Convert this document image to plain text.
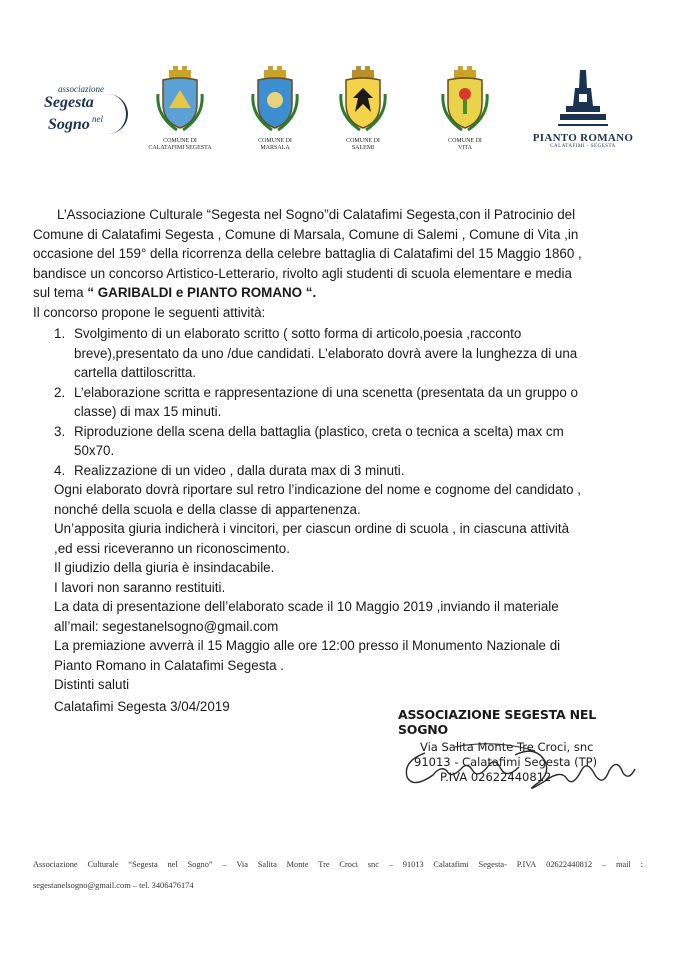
associazione
Segesta
nel
Sogno
COMUNE DI
CALATAFIMI SEGESTA
COMUNE DI
MARSALA
COMUNE DI
SALEMI
COMUNE DI
VITA
PIANTO ROMANO
CALATAFIMI - SEGESTA

L’Associazione Culturale “Segesta nel Sogno”di Calatafimi Segesta,con il Patrocinio del

Comune di Calatafimi Segesta , Comune di Marsala, Comune di Salemi , Comune di Vita ,in

occasione del 159° della ricorrenza della celebre battaglia di Calatafimi del 15 Maggio 1860 ,

bandisce un concorso Artistico-Letterario, rivolto agli studenti di scuola elementare e media

sul tema “ GARIBALDI e PIANTO ROMANO “.

Il concorso propone le seguenti attività:

1. Svolgimento di un elaborato scritto ( sotto forma di articolo,poesia ,racconto

breve),presentato da uno /due candidati. L’elaborato dovrà avere la lunghezza di una

cartella dattiloscritta.

2. L’elaborazione scritta e rappresentazione di una scenetta (presentata da un gruppo o

classe) di max 15 minuti.

3. Riproduzione della scena della battaglia (plastico, creta o tecnica a scelta) max cm

50x70.

4. Realizzazione di un video , dalla durata max di 3 minuti.

Ogni elaborato dovrà riportare sul retro l’indicazione del nome e cognome del candidato ,

nonché della scuola e della classe di appartenenza.

Un’apposita giuria indicherà i vincitori, per ciascun ordine di scuola , in ciascuna attività

,ed essi riceveranno un riconoscimento.

Il giudizio della giuria è insindacabile.

I lavori non saranno restituiti.

La data di presentazione dell’elaborato scade il 10 Maggio 2019 ,inviando il materiale

all’mail: segestanelsogno@gmail.com

La premiazione avverrà il 15 Maggio alle ore 12:00 presso il Monumento Nazionale di

Pianto Romano in Calatafimi Segesta .

Distinti saluti

Calatafimi Segesta 3/04/2019

ASSOCIAZIONE SEGESTA NEL SOGNO
Via Salita Monte Tre Croci, snc
91013 - Calatafimi Segesta (TP)
P.IVA 02622440812
Associazione Culturale “Segesta nel Sogno” – Via Salita Monte Tre Croci snc – 91013 Calatafimi Segesta- P.IVA 02622440812 – mail :
segestanelsogno@gmail.com – tel. 3406476174
